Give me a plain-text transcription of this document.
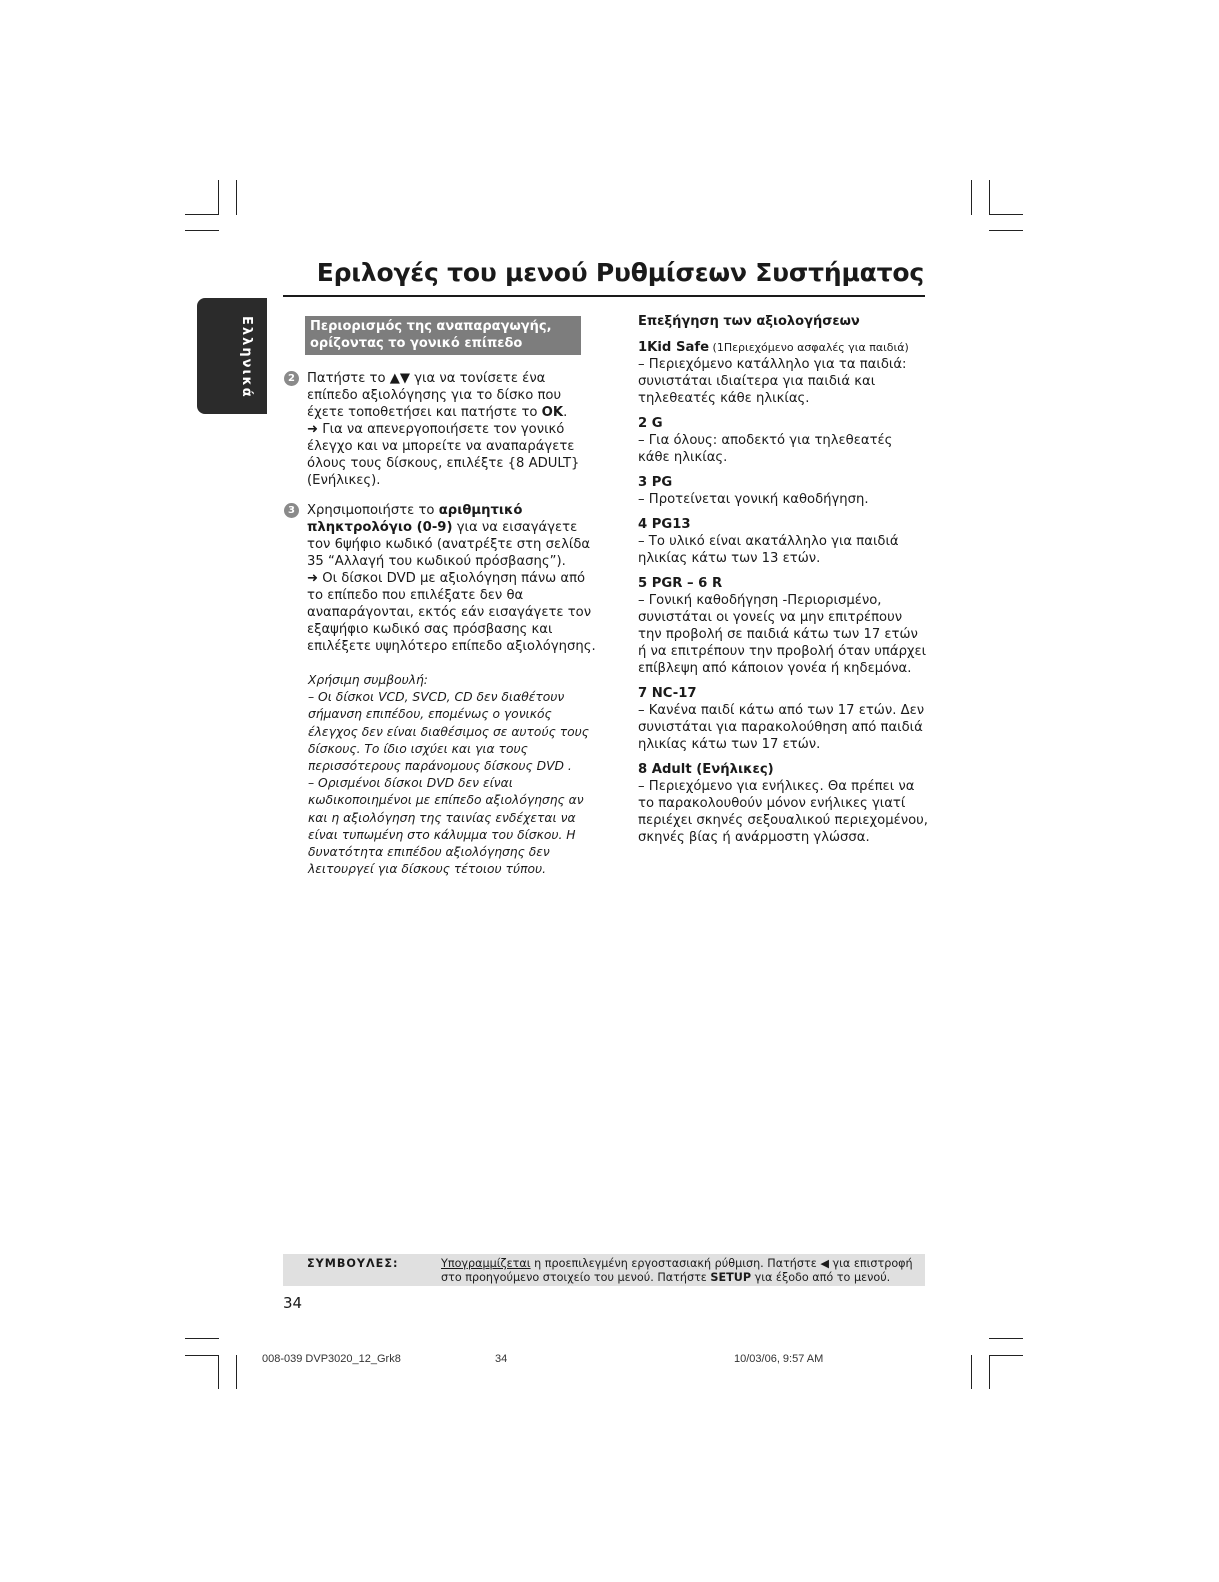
Εριλογές του μενού Ρυθμίσεων Συστήματος
Ελληνικά	Περιορισμός της αναπαραγωγής,
ορίζοντας το γονικό επίπεδο
2 Πατήστε το ▲▼ για να τονίσετε ένα επίπεδο αξιολόγησης για το δίσκο που έχετε τοποθετήσει και πατήστε το OK.
➜ Για να απενεργοποιήσετε τον γονικό έλεγχο και να μπορείτε να αναπαράγετε όλους τους δίσκους, επιλέξτε {8 ADULT} (Ενήλικες).
3 Χρησιμοποιήστε το αριθμητικό πληκτρολόγιο (0-9) για να εισαγάγετε τον 6ψήφιο κωδικό (ανατρέξτε στη σελίδα 35 “Αλλαγή του κωδικού πρόσβασης”).
➜ Οι δίσκοι DVD με αξιολόγηση πάνω από το επίπεδο που επιλέξατε δεν θα αναπαράγονται, εκτός εάν εισαγάγετε τον εξαψήφιο κωδικό σας πρόσβασης και επιλέξετε υψηλότερο επίπεδο αξιολόγησης.
Χρήσιμη συμβουλή:
– Οι δίσκοι VCD, SVCD, CD δεν διαθέτουν σήμανση επιπέδου, επομένως ο γονικός έλεγχος δεν είναι διαθέσιμος σε αυτούς τους δίσκους. Το ίδιο ισχύει και για τους περισσότερους παράνομους δίσκους DVD .
– Ορισμένοι δίσκοι DVD δεν είναι κωδικοποιημένοι με επίπεδο αξιολόγησης αν και η αξιολόγηση της ταινίας ενδέχεται να είναι τυπωμένη στο κάλυμμα του δίσκου. Η δυνατότητα επιπέδου αξιολόγησης δεν λειτουργεί για δίσκους τέτοιου τύπου.
Επεξήγηση των αξιολογήσεων
1Kid Safe (1Περιεχόμενο ασφαλές για παιδιά)
– Περιεχόμενο κατάλληλο για τα παιδιά: συνιστάται ιδιαίτερα για παιδιά και τηλεθεατές κάθε ηλικίας.
2 G
– Για όλους: αποδεκτό για τηλεθεατές κάθε ηλικίας.
3 PG
– Προτείνεται γονική καθοδήγηση.
4 PG13
– Το υλικό είναι ακατάλληλο για παιδιά ηλικίας κάτω των 13 ετών.
5 PGR – 6 R
– Γονική καθοδήγηση -Περιορισμένο, συνιστάται οι γονείς να μην επιτρέπουν την προβολή σε παιδιά κάτω των 17 ετών ή να επιτρέπουν την προβολή όταν υπάρχει επίβλεψη από κάποιον γονέα ή κηδεμόνα.
7 NC-17
– Κανένα παιδί κάτω από των 17 ετών. Δεν συνιστάται για παρακολούθηση από παιδιά ηλικίας κάτω των 17 ετών.
8 Adult (Ενήλικες)
– Περιεχόμενο για ενήλικες. Θα πρέπει να το παρακολουθούν μόνον ενήλικες γιατί περιέχει σκηνές σεξουαλικού περιεχομένου, σκηνές βίας ή ανάρμοστη γλώσσα.
ΣΥΜΒΟΥΛΕΣ:	Υπογραμμίζεται η προεπιλεγμένη εργοστασιακή ρύθμιση. Πατήστε ◀ για επιστροφή στο προηγούμενο στοιχείο του μενού. Πατήστε SETUP για έξοδο από το μενού.
34
008-039 DVP3020_12_Grk8	34	10/03/06, 9:57 AM
